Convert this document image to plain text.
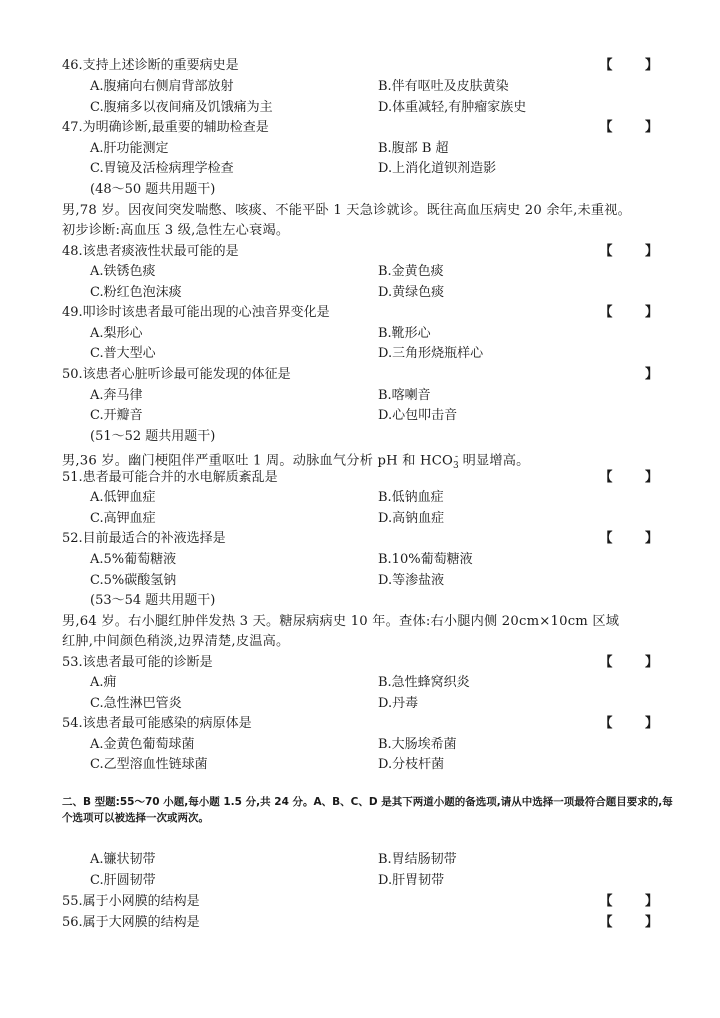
46.支持上述诊断的重要病史是	【 】
A.腹痛向右侧肩背部放射	B.伴有呕吐及皮肤黄染
C.腹痛多以夜间痛及饥饿痛为主	D.体重减轻,有肿瘤家族史
47.为明确诊断,最重要的辅助检查是	【 】
A.肝功能测定	B.腹部 B 超
C.胃镜及活检病理学检查	D.上消化道钡剂造影
(48～50 题共用题干)
男,78 岁。因夜间突发喘憋、咳痰、不能平卧 1 天急诊就诊。既往高血压病史 20 余年,未重视。
初步诊断:高血压 3 级,急性左心衰竭。
48.该患者痰液性状最可能的是	【 】
A.铁锈色痰	B.金黄色痰
C.粉红色泡沫痰	D.黄绿色痰
49.叩诊时该患者最可能出现的心浊音界变化是	【 】
A.梨形心	B.靴形心
C.普大型心	D.三角形烧瓶样心
50.该患者心脏听诊最可能发现的体征是	】
A.奔马律	B.喀喇音
C.开瓣音	D.心包叩击音
(51～52 题共用题干)
男,36 岁。幽门梗阻伴严重呕吐 1 周。动脉血气分析 pH 和 $HCO_3^-$ 明显增高。
51.患者最可能合并的水电解质紊乱是	【 】
A.低钾血症	B.低钠血症
C.高钾血症	D.高钠血症
52.目前最适合的补液选择是	【 】
A.5%葡萄糖液	B.10%葡萄糖液
C.5%碳酸氢钠	D.等渗盐液
(53～54 题共用题干)
男,64 岁。右小腿红肿伴发热 3 天。糖尿病病史 10 年。查体:右小腿内侧 20cm×10cm 区域
红肿,中间颜色稍淡,边界清楚,皮温高。
53.该患者最可能的诊断是	【 】
A.痈	B.急性蜂窝织炎
C.急性淋巴管炎	D.丹毒
54.该患者最可能感染的病原体是	【 】
A.金黄色葡萄球菌	B.大肠埃希菌
C.乙型溶血性链球菌	D.分枝杆菌
二、B 型题:55～70 小题,每小题 1.5 分,共 24 分。A、B、C、D 是其下两道小题的备选项,请从中选择一项最符合题目要求的,每个选项可以被选择一次或两次。
A.镰状韧带	B.胃结肠韧带
C.肝圆韧带	D.肝胃韧带
55.属于小网膜的结构是	【 】
56.属于大网膜的结构是	【 】
